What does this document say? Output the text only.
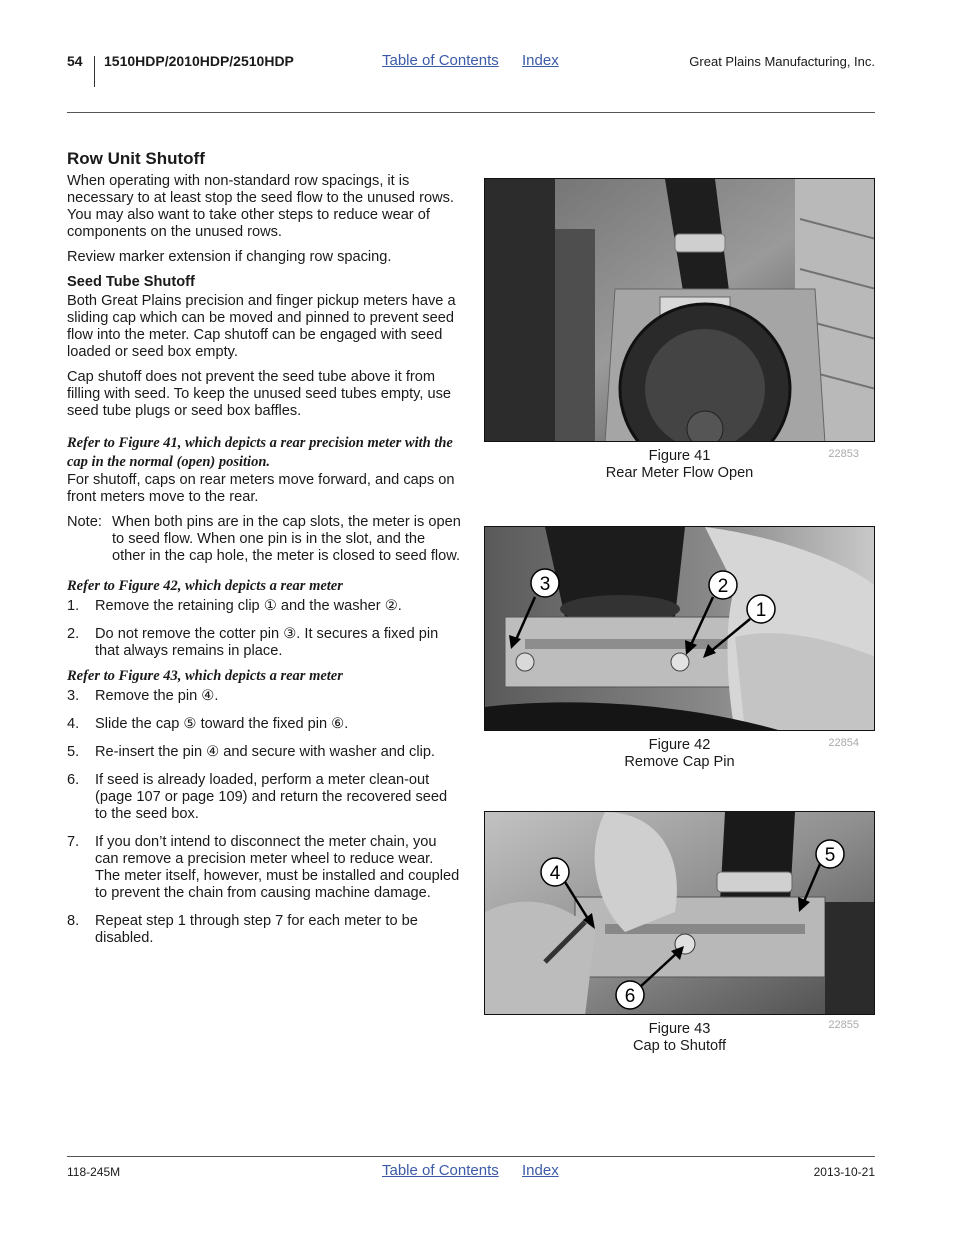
54 1510HDP/2010HDP/2510HDP	Table of Contents Index	Great Plains Manufacturing, Inc.
Row Unit Shutoff

When operating with non-standard row spacings, it is necessary to at least stop the seed flow to the unused rows. You may also want to take other steps to reduce wear of components on the unused rows.

Review marker extension if changing row spacing.

Seed Tube Shutoff

Both Great Plains precision and finger pickup meters have a sliding cap which can be moved and pinned to prevent seed flow into the meter. Cap shutoff can be engaged with seed loaded or seed box empty.

Cap shutoff does not prevent the seed tube above it from filling with seed. To keep the unused seed tubes empty, use seed tube plugs or seed box baffles.

Refer to Figure 41, which depicts a rear precision meter with the cap in the normal (open) position.

For shutoff, caps on rear meters move forward, and caps on front meters move to the rear.

Note: When both pins are in the cap slots, the meter is open to seed flow. When one pin is in the slot, and the other in the cap hole, the meter is closed to seed flow.

Refer to Figure 42, which depicts a rear meter

1.	Remove the retaining clip ① and the washer ②.
2.	Do not remove the cotter pin ③. It secures a fixed pin that always remains in place.

Refer to Figure 43, which depicts a rear meter

3.	Remove the pin ④.
4.	Slide the cap ⑤ toward the fixed pin ⑥.
5.	Re-insert the pin ④ and secure with washer and clip.
6.	If seed is already loaded, perform a meter clean-out (page 107 or page 109) and return the recovered seed to the seed box.
7.	If you don’t intend to disconnect the meter chain, you can remove a precision meter wheel to reduce wear. The meter itself, however, must be installed and coupled to prevent the chain from causing machine damage.
8.	Repeat step 1 through step 7 for each meter to be disabled.
Figure 41
Rear Meter Flow Open
22853
3	2
1
Figure 42
Remove Cap Pin
22854
4
5
6
Figure 43
Cap to Shutoff
22855
118-245M	Table of Contents Index	2013-10-21
